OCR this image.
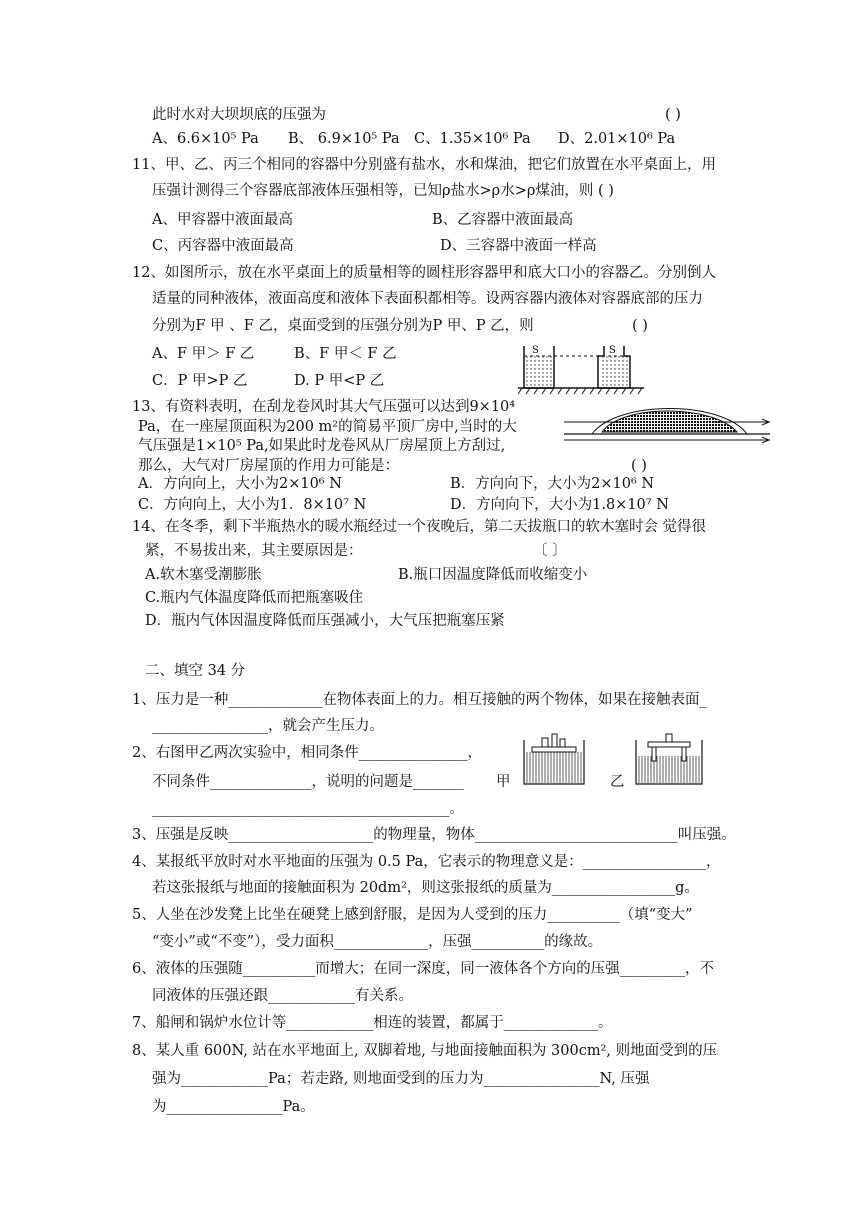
此时水对大坝坝底的压强为	( )
A、6.6×10⁵ Pa B、 6.9×10⁵ Pa C、1.35×10⁶ Pa D、2.01×10⁶ Pa
11、甲、乙、丙三个相同的容器中分别盛有盐水，水和煤油，把它们放置在水平桌面上，用
压强计测得三个容器底部液体压强相等，已知ρ盐水>ρ水>ρ煤油，则 ( )
A、甲容器中液面最高	B、乙容器中液面最高
C、丙容器中液面最高	D、三容器中液面一样高
12、如图所示，放在水平桌面上的质量相等的圆柱形容器甲和底大口小的容器乙。分别倒人
适量的同种液体，液面高度和液体下表面积都相等。设两容器内液体对容器底部的压力
分别为F 甲 、F 乙，桌面受到的压强分别为P 甲、P 乙，则	( )
A、F 甲＞ F 乙	B、F 甲＜ F 乙
C．P 甲>P 乙	D. P 甲<P 乙
S	S
13、有资料表明，在刮龙卷风时其大气压强可以达到9×10⁴
Pa，在一座屋顶面积为200 m²的简易平顶厂房中,当时的大
气压强是1×10⁵ Pa,如果此时龙卷风从厂房屋顶上方刮过,
那么，大气对厂房屋顶的作用力可能是：	( )
A．方向向上，大小为2×10⁶ N	B．方向向下，大小为2×10⁶ N
C．方向向上，大小为1．8×10⁷ N	D．方向向下，大小为1.8×10⁷ N
14、在冬季，剩下半瓶热水的暖水瓶经过一个夜晚后，第二天拔瓶口的软木塞时会 觉得很
紧，不易拔出来，其主要原因是：	〔 〕
A.软木塞受潮膨胀	B.瓶口因温度降低而收缩变小
C.瓶内气体温度降低而把瓶塞吸住
D．瓶内气体因温度降低而压强减小，大气压把瓶塞压紧
二、填空 34 分
1、压力是一种_____________在物体表面上的力。相互接触的两个物体，如果在接触表面_
________________，就会产生压力。
2、右图甲乙两次实验中，相同条件_______________，
不同条件______________，说明的问题是_______ 甲	乙
_________________________________________。
3、压强是反映____________________的物理量，物体____________________________叫压强。
4、某报纸平放时对水平地面的压强为 0.5 Pa，它表示的物理意义是：_________________，
若这张报纸与地面的接触面积为 20dm²，则这张报纸的质量为_________________g。
5、人坐在沙发凳上比坐在硬凳上感到舒服，是因为人受到的压力__________（填“变大”
“变小”或“不变”），受力面积_____________，压强__________的缘故。
6、液体的压强随__________而增大；在同一深度，同一液体各个方向的压强_________，不
同液体的压强还跟____________有关系。
7、船闸和锅炉水位计等____________相连的装置，都属于_____________。
8、某人重 600N, 站在水平地面上, 双脚着地, 与地面接触面积为 300cm², 则地面受到的压
强为____________Pa；若走路, 则地面受到的压力为________________N, 压强
为________________Pa。
